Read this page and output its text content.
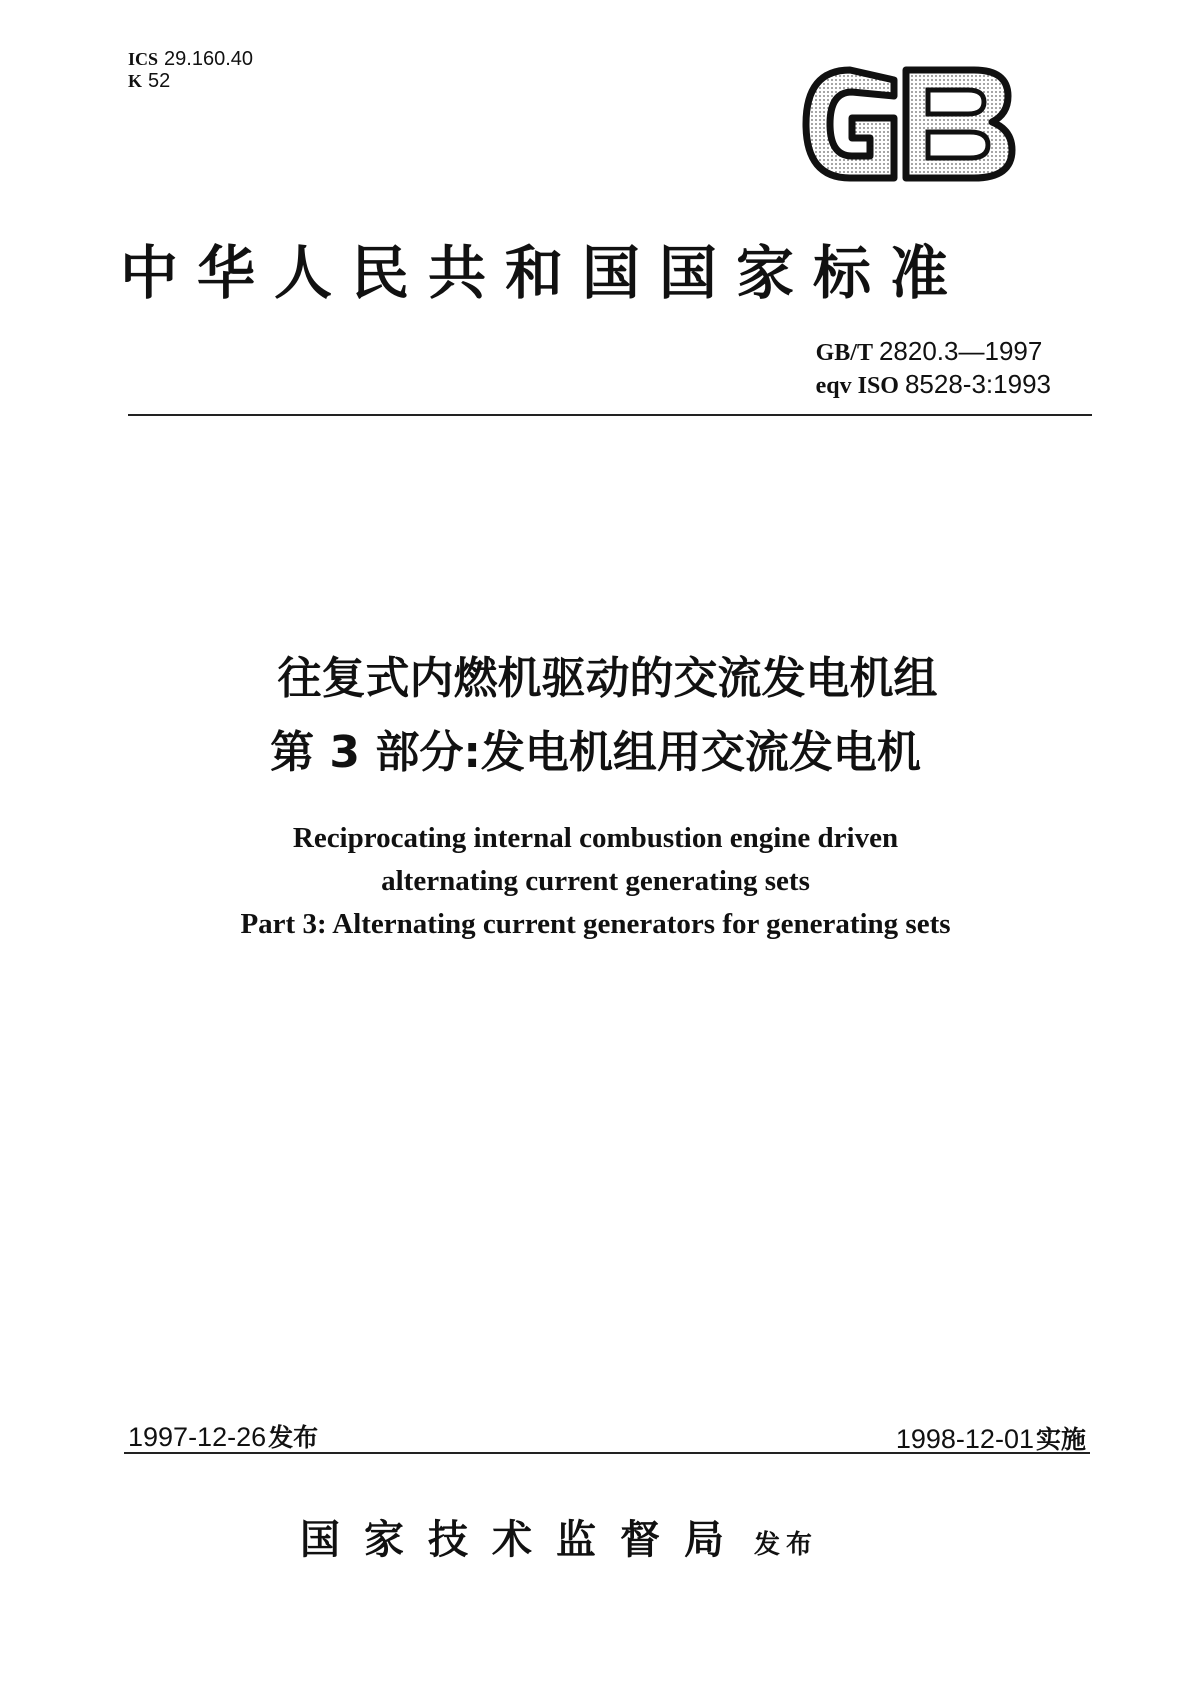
ICS 29.160.40
K 52
中华人民共和国国家标准
GB/T 2820.3—1997
eqv ISO 8528-3:1993
往复式内燃机驱动的交流发电机组
第 3 部分:发电机组用交流发电机
Reciprocating internal combustion engine driven
alternating current generating sets
Part 3: Alternating current generators for generating sets
1997-12-26发布	1998-12-01实施
国家技术监督局 发布
